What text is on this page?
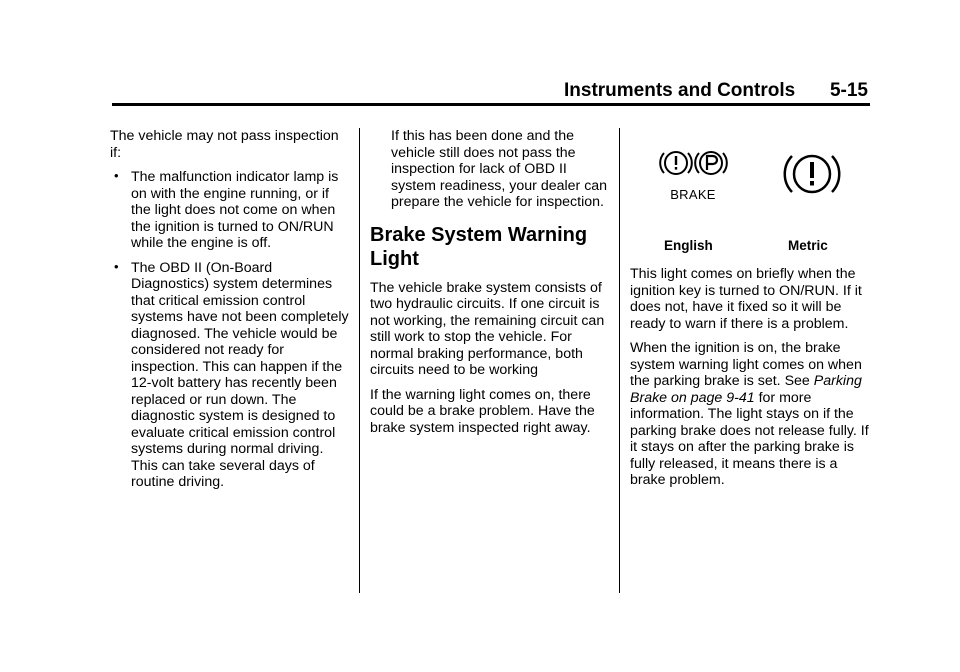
Instruments and Controls 5-15

The vehicle may not pass inspection if:

• The malfunction indicator lamp is on with the engine running, or if the light does not come on when the ignition is turned to ON/RUN while the engine is off.
• The OBD II (On-Board Diagnostics) system determines that critical emission control systems have not been completely diagnosed. The vehicle would be considered not ready for inspection. This can happen if the 12-volt battery has recently been replaced or run down. The diagnostic system is designed to evaluate critical emission control systems during normal driving. This can take several days of routine driving.

If this has been done and the vehicle still does not pass the inspection for lack of OBD II system readiness, your dealer can prepare the vehicle for inspection.

Brake System Warning Light

The vehicle brake system consists of two hydraulic circuits. If one circuit is not working, the remaining circuit can still work to stop the vehicle. For normal braking performance, both circuits need to be working

If the warning light comes on, there could be a brake problem. Have the brake system inspected right away.

BRAKE
English	Metric

This light comes on briefly when the ignition key is turned to ON/RUN. If it does not, have it fixed so it will be ready to warn if there is a problem.

When the ignition is on, the brake system warning light comes on when the parking brake is set. See Parking Brake on page 9-41 for more information. The light stays on if the parking brake does not release fully. If it stays on after the parking brake is fully released, it means there is a brake problem.
